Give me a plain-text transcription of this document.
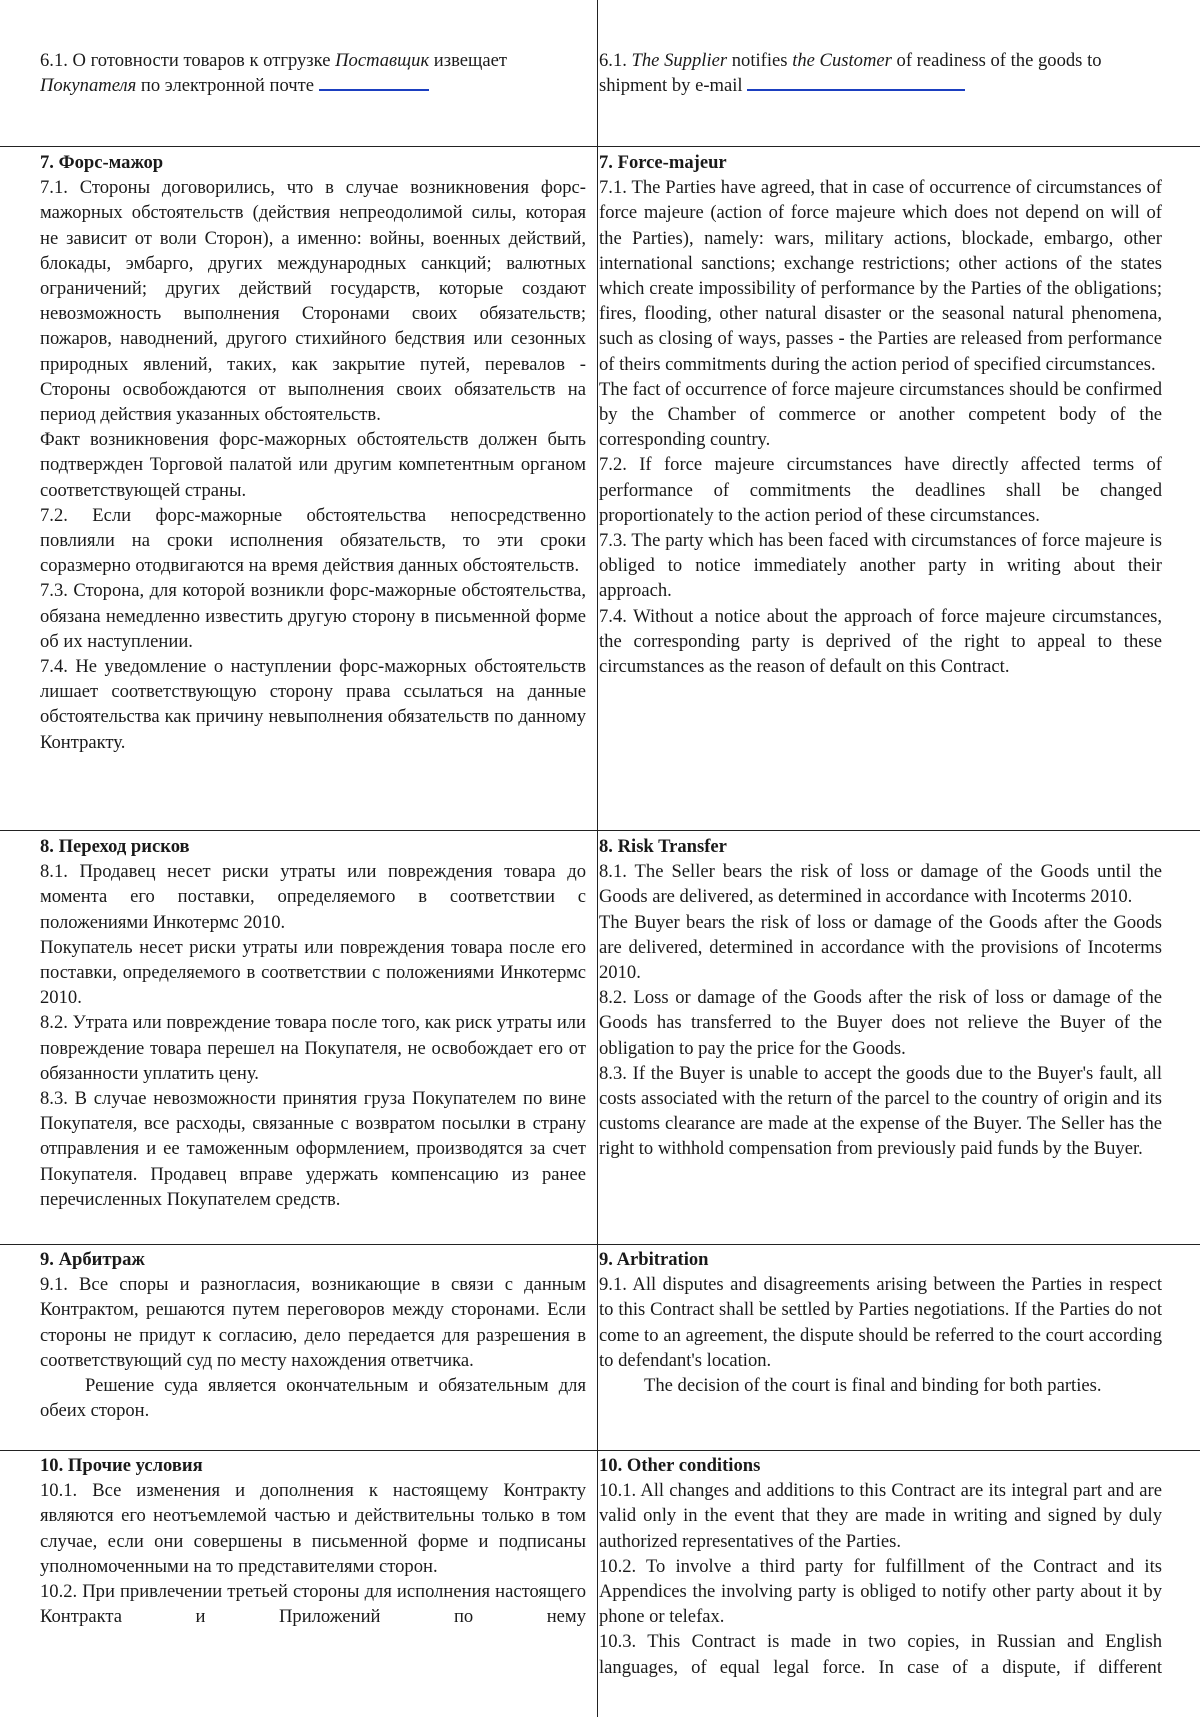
6.1. О готовности товаров к отгрузке Поставщик извещает Покупателя по электронной почте

6.1. The Supplier notifies the Customer of readiness of the goods to shipment by e-mail

7. Форс-мажор

7.1. Стороны договорились, что в случае возникновения форс-мажорных обстоятельств (действия непреодолимой силы, которая не зависит от воли Сторон), а именно: войны, военных действий, блокады, эмбарго, других международных санкций; валютных ограничений; других действий государств, которые создают невозможность выполнения Сторонами своих обязательств; пожаров, наводнений, другого стихийного бедствия или сезонных природных явлений, таких, как закрытие путей, перевалов - Стороны освобождаются от выполнения своих обязательств на период действия указанных обстоятельств.

Факт возникновения форс-мажорных обстоятельств должен быть подтвержден Торговой палатой или другим компетентным органом соответствующей страны.

7.2. Если форс-мажорные обстоятельства непосредственно повлияли на сроки исполнения обязательств, то эти сроки соразмерно отодвигаются на время действия данных обстоятельств.

7.3. Сторона, для которой возникли форс-мажорные обстоятельства, обязана немедленно известить другую сторону в письменной форме об их наступлении.

7.4. Не уведомление о наступлении форс-мажорных обстоятельств лишает соответствующую сторону права ссылаться на данные обстоятельства как причину невыполнения обязательств по данному Контракту.

7. Force-majeur

7.1. The Parties have agreed, that in case of occurrence of circumstances of force majeure (action of force majeure which does not depend on will of the Parties), namely: wars, military actions, blockade, embargo, other international sanctions; exchange restrictions; other actions of the states which create impossibility of performance by the Parties of the obligations; fires, flooding, other natural disaster or the seasonal natural phenomena, such as closing of ways, passes - the Parties are released from performance of theirs commitments during the action period of specified circumstances.

The fact of occurrence of force majeure circumstances should be confirmed by the Chamber of commerce or another competent body of the corresponding country.

7.2. If force majeure circumstances have directly affected terms of performance of commitments the deadlines shall be changed proportionately to the action period of these circumstances.

7.3. The party which has been faced with circumstances of force majeure is obliged to notice immediately another party in writing about their approach.

7.4. Without a notice about the approach of force majeure circumstances, the corresponding party is deprived of the right to appeal to these circumstances as the reason of default on this Contract.

8. Переход рисков

8.1. Продавец несет риски утраты или повреждения товара до момента его поставки, определяемого в соответствии с положениями Инкотермс 2010.

Покупатель несет риски утраты или повреждения товара после его поставки, определяемого в соответствии с положениями Инкотермс 2010.

8.2. Утрата или повреждение товара после того, как риск утраты или повреждение товара перешел на Покупателя, не освобождает его от обязанности уплатить цену.

8.3. В случае невозможности принятия груза Покупателем по вине Покупателя, все расходы, связанные с возвратом посылки в страну отправления и ее таможенным оформлением, производятся за счет Покупателя. Продавец вправе удержать компенсацию из ранее перечисленных Покупателем средств.

8. Risk Transfer

8.1. The Seller bears the risk of loss or damage of the Goods until the Goods are delivered, as determined in accordance with Incoterms 2010.

The Buyer bears the risk of loss or damage of the Goods after the Goods are delivered, determined in accordance with the provisions of Incoterms 2010.

8.2. Loss or damage of the Goods after the risk of loss or damage of the Goods has transferred to the Buyer does not relieve the Buyer of the obligation to pay the price for the Goods.

8.3. If the Buyer is unable to accept the goods due to the Buyer's fault, all costs associated with the return of the parcel to the country of origin and its customs clearance are made at the expense of the Buyer. The Seller has the right to withhold compensation from previously paid funds by the Buyer.

9. Арбитраж

9.1. Все споры и разногласия, возникающие в связи с данным Контрактом, решаются путем переговоров между сторонами. Если стороны не придут к согласию, дело передается для разрешения в соответствующий суд по месту нахождения ответчика.

Решение суда является окончательным и обязательным для обеих сторон.

9. Arbitration

9.1. All disputes and disagreements arising between the Parties in respect to this Contract shall be settled by Parties negotiations. If the Parties do not come to an agreement, the dispute should be referred to the court according to defendant's location.

The decision of the court is final and binding for both parties.

10. Прочие условия

10.1. Все изменения и дополнения к настоящему Контракту являются его неотъемлемой частью и действительны только в том случае, если они совершены в письменной форме и подписаны уполномоченными на то представителями сторон.

10.2. При привлечении третьей стороны для исполнения настоящего Контракта и Приложений по нему

10. Other conditions

10.1. All changes and additions to this Contract are its integral part and are valid only in the event that they are made in writing and signed by duly authorized representatives of the Parties.

10.2. To involve a third party for fulfillment of the Contract and its Appendices the involving party is obliged to notify other party about it by phone or telefax.

10.3. This Contract is made in two copies, in Russian and English languages, of equal legal force. In case of a dispute, if different
